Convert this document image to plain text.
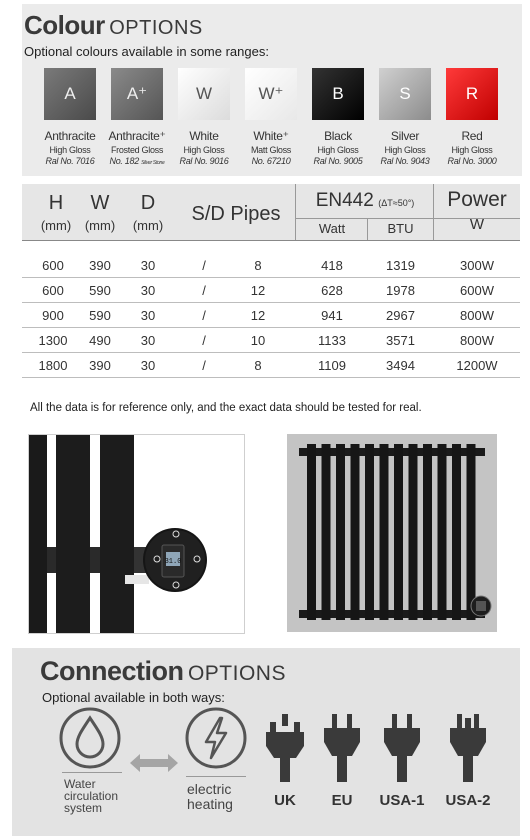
Colour OPTIONS
Optional colours available in some ranges:
A
Anthracite
High Gloss
Ral No. 7016
A⁺
Anthracite⁺
Frosted Gloss
No. 182 Silver Stone
W
White
High Gloss
Ral No. 9016
W⁺
White⁺
Matt Gloss
No. 67210
B
Black
High Gloss
Ral No. 9005
S
Silver
High Gloss
Ral No. 9043
R
Red
High Gloss
Ral No. 3000
H
(mm)
W
(mm)
D
(mm)
S/D Pipes
EN442 (ΔT≈50°)
Watt	BTU
Power
W
600	390	30	/	8	418	1319	300W
600	590	30	/	12	628	1978	600W
900	590	30	/	12	941	2967	800W
1300	490	30	/	10	1133	3571	800W
1800	390	30	/	8	1109	3494	1200W
All the data is for reference only, and the exact data should be tested for real.
31.0
Connection OPTIONS
Optional available in both ways:
Water
circulation
system
electric
heating	UK	EU	USA-1	USA-2
